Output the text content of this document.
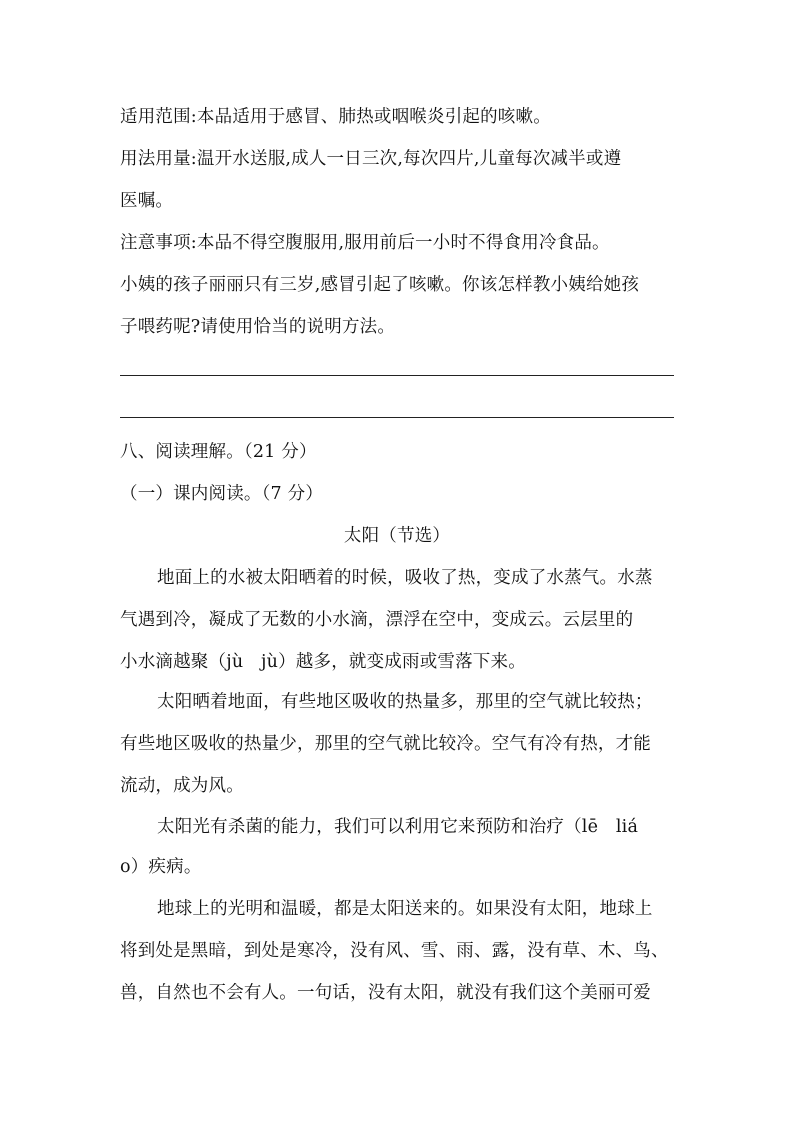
适用范围:本品适用于感冒、肺热或咽喉炎引起的咳嗽。
用法用量:温开水送服,成人一日三次,每次四片,儿童每次减半或遵
医嘱。
注意事项:本品不得空腹服用,服用前后一小时不得食用冷食品。
小姨的孩子丽丽只有三岁,感冒引起了咳嗽。你该怎样教小姨给她孩
子喂药呢?请使用恰当的说明方法。
八、阅读理解。（21 分）
（一）课内阅读。（7 分）
太阳（节选）
地面上的水被太阳晒着的时候，吸收了热，变成了水蒸气。水蒸
气遇到冷，凝成了无数的小水滴，漂浮在空中，变成云。云层里的
小水滴越聚（jù　jù）越多，就变成雨或雪落下来。
太阳晒着地面，有些地区吸收的热量多，那里的空气就比较热；
有些地区吸收的热量少，那里的空气就比较冷。空气有冷有热，才能
流动，成为风。
太阳光有杀菌的能力，我们可以利用它来预防和治疗（lē　liá
o）疾病。
地球上的光明和温暖，都是太阳送来的。如果没有太阳，地球上
将到处是黑暗，到处是寒冷，没有风、雪、雨、露，没有草、木、鸟、
兽，自然也不会有人。一句话，没有太阳，就没有我们这个美丽可爱
